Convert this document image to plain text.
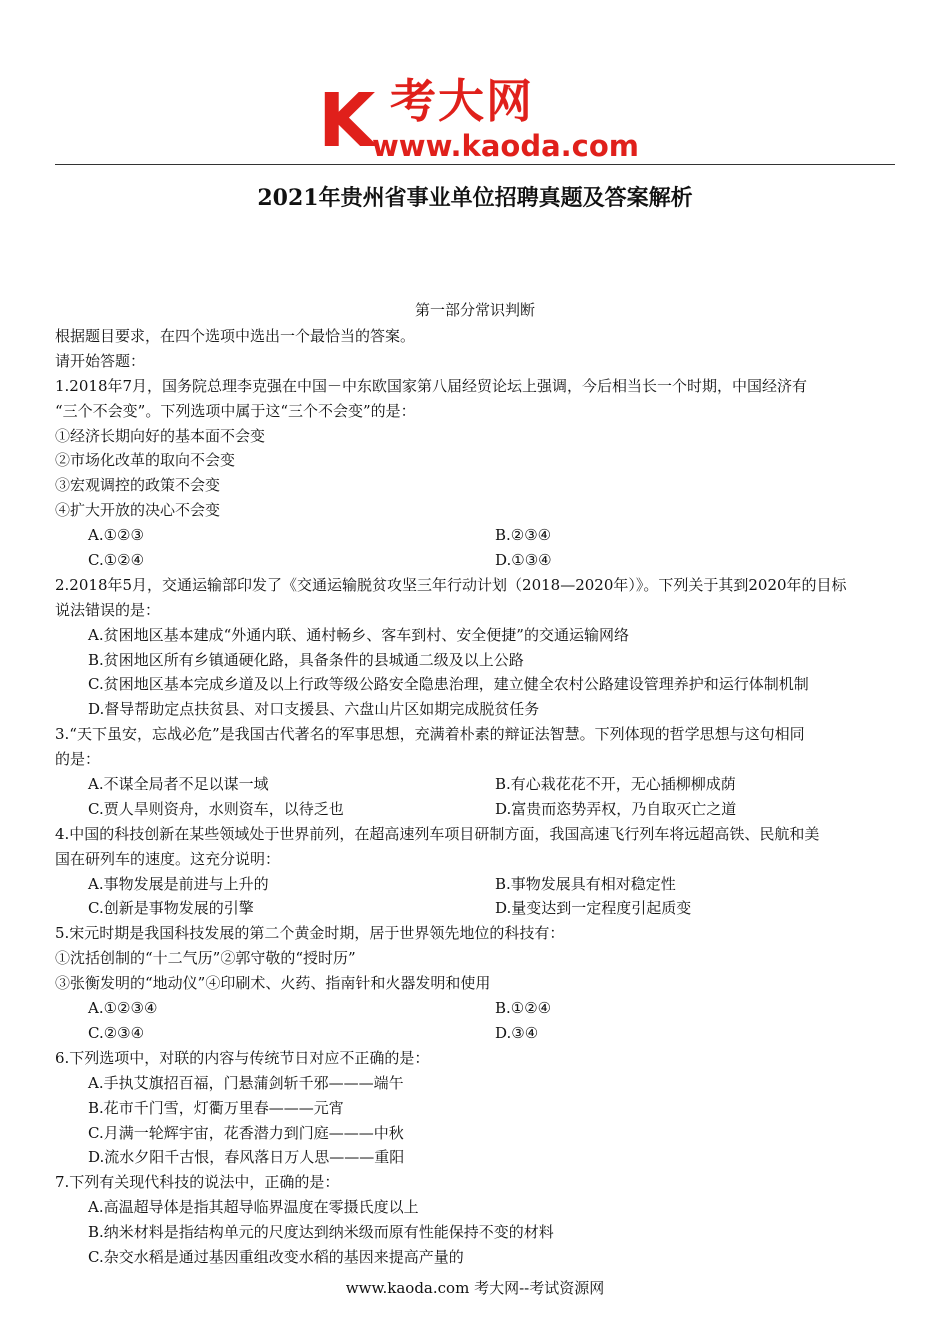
K 考大网
www.kaoda.com
2021年贵州省事业单位招聘真题及答案解析
第一部分常识判断
根据题目要求，在四个选项中选出一个最恰当的答案。
请开始答题：
1.2018年7月，国务院总理李克强在中国－中东欧国家第八届经贸论坛上强调，今后相当长一个时期，中国经济有
“三个不会变”。下列选项中属于这“三个不会变”的是：
①经济长期向好的基本面不会变
②市场化改革的取向不会变
③宏观调控的政策不会变
④扩大开放的决心不会变
A.①②③	B.②③④
C.①②④	D.①③④
2.2018年5月，交通运输部印发了《交通运输脱贫攻坚三年行动计划（2018—2020年）》。下列关于其到2020年的目标
说法错误的是：
A.贫困地区基本建成“外通内联、通村畅乡、客车到村、安全便捷”的交通运输网络
B.贫困地区所有乡镇通硬化路，具备条件的县城通二级及以上公路
C.贫困地区基本完成乡道及以上行政等级公路安全隐患治理，建立健全农村公路建设管理养护和运行体制机制
D.督导帮助定点扶贫县、对口支援县、六盘山片区如期完成脱贫任务
3.“天下虽安，忘战必危”是我国古代著名的军事思想，充满着朴素的辩证法智慧。下列体现的哲学思想与这句相同
的是：
A.不谋全局者不足以谋一域	B.有心栽花花不开，无心插柳柳成荫
C.贾人旱则资舟，水则资车，以待乏也	D.富贵而恣势弄权，乃自取灭亡之道
4.中国的科技创新在某些领域处于世界前列，在超高速列车项目研制方面，我国高速飞行列车将远超高铁、民航和美
国在研列车的速度。这充分说明：
A.事物发展是前进与上升的	B.事物发展具有相对稳定性
C.创新是事物发展的引擎	D.量变达到一定程度引起质变
5.宋元时期是我国科技发展的第二个黄金时期，居于世界领先地位的科技有：
①沈括创制的“十二气历”②郭守敬的“授时历”
③张衡发明的“地动仪”④印刷术、火药、指南针和火器发明和使用
A.①②③④	B.①②④
C.②③④	D.③④
6.下列选项中，对联的内容与传统节日对应不正确的是：
A.手执艾旗招百福，门悬蒲剑斩千邪———端午
B.花市千门雪，灯衢万里春———元宵
C.月满一轮辉宇宙，花香潜力到门庭———中秋
D.流水夕阳千古恨，春风落日万人思———重阳
7.下列有关现代科技的说法中，正确的是：
A.高温超导体是指其超导临界温度在零摄氏度以上
B.纳米材料是指结构单元的尺度达到纳米级而原有性能保持不变的材料
C.杂交水稻是通过基因重组改变水稻的基因来提高产量的
www.kaoda.com 考大网--考试资源网
